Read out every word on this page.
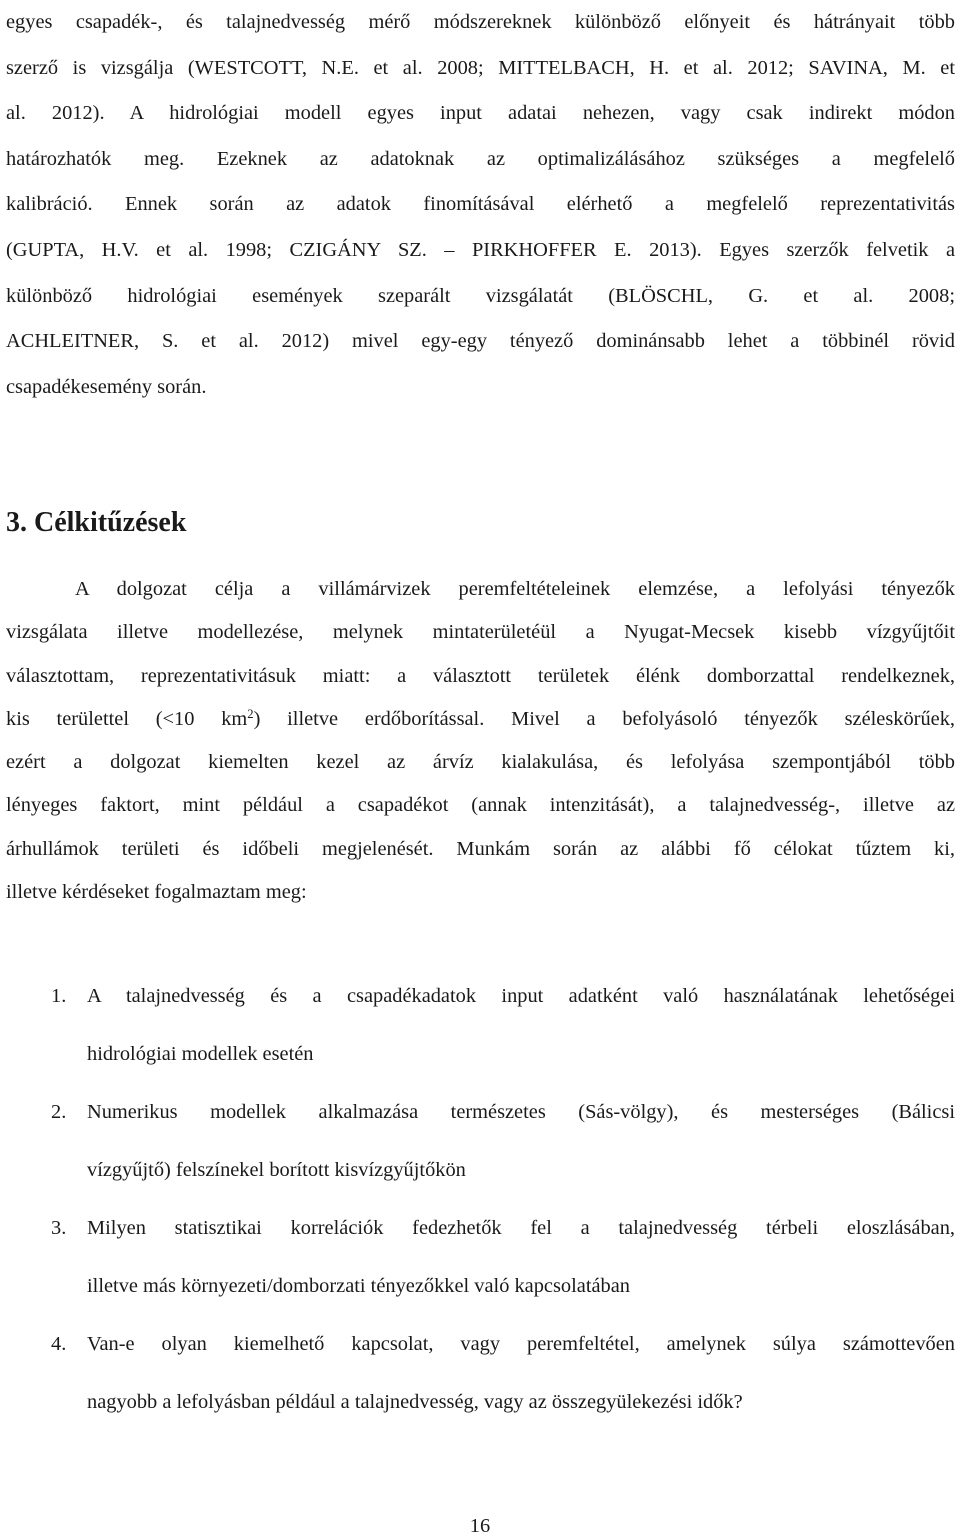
egyes csapadék-, és talajnedvesség mérő módszereknek különböző előnyeit és hátrányait több
szerző is vizsgálja (WESTCOTT, N.E. et al. 2008; MITTELBACH, H. et al. 2012; SAVINA, M. et
al. 2012). A hidrológiai modell egyes input adatai nehezen, vagy csak indirekt módon
határozhatók meg. Ezeknek az adatoknak az optimalizálásához szükséges a megfelelő
kalibráció. Ennek során az adatok finomításával elérhető a megfelelő reprezentativitás
(GUPTA, H.V. et al. 1998; CZIGÁNY SZ. – PIRKHOFFER E. 2013). Egyes szerzők felvetik a
különböző hidrológiai események szeparált vizsgálatát (BLÖSCHL, G. et al. 2008;
ACHLEITNER, S. et al. 2012) mivel egy-egy tényező dominánsabb lehet a többinél rövid
csapadékesemény során.
3. Célkitűzések
A dolgozat célja a villámárvizek peremfeltételeinek elemzése, a lefolyási tényezők
vizsgálata illetve modellezése, melynek mintaterületéül a Nyugat-Mecsek kisebb vízgyűjtőit
választottam, reprezentativitásuk miatt: a választott területek élénk domborzattal rendelkeznek,
kis területtel (<10 $km^2$) illetve erdőborítással. Mivel a befolyásoló tényezők széleskörűek,
ezért a dolgozat kiemelten kezel az árvíz kialakulása, és lefolyása szempontjából több
lényeges faktort, mint például a csapadékot (annak intenzitását), a talajnedvesség-, illetve az
árhullámok területi és időbeli megjelenését. Munkám során az alábbi fő célokat tűztem ki,
illetve kérdéseket fogalmaztam meg:
1. A talajnedvesség és a csapadékadatok input adatként való használatának lehetőségei
hidrológiai modellek esetén
2. Numerikus modellek alkalmazása természetes (Sás-völgy), és mesterséges (Bálicsi
vízgyűjtő) felszínekel borított kisvízgyűjtőkön
3. Milyen statisztikai korrelációk fedezhetők fel a talajnedvesség térbeli eloszlásában,
illetve más környezeti/domborzati tényezőkkel való kapcsolatában
4. Van-e olyan kiemelhető kapcsolat, vagy peremfeltétel, amelynek súlya számottevően
nagyobb a lefolyásban például a talajnedvesség, vagy az összegyülekezési idők?
16
